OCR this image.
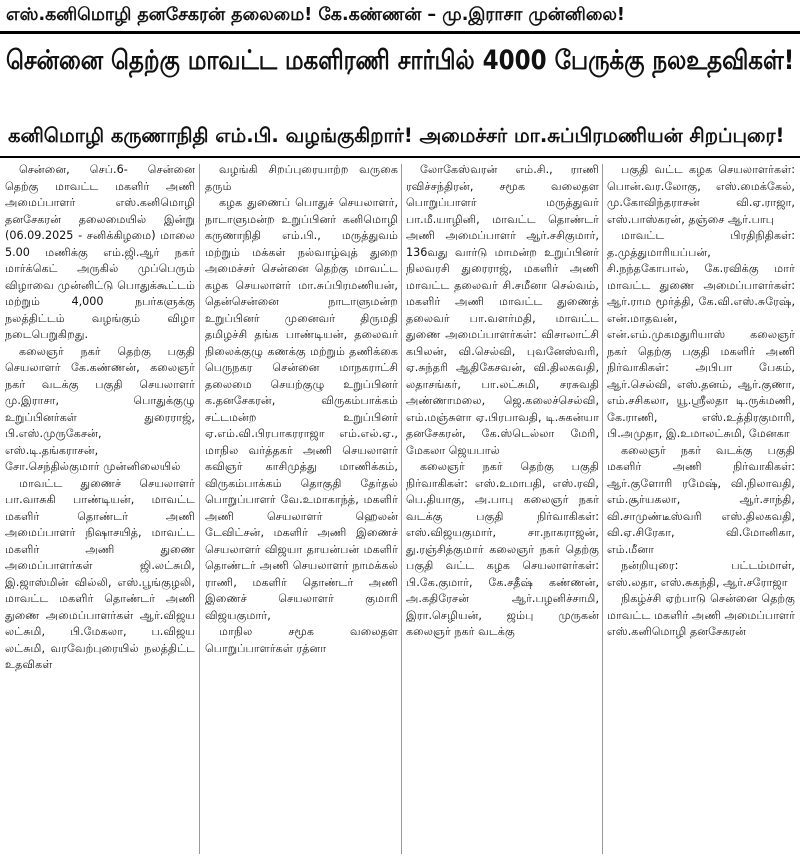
எஸ்.கனிமொழி தனசேகரன் தலைமை! கே.கண்ணன் – மு.இராசா முன்னிலை!
சென்னை தெற்கு மாவட்ட மகளிரணி சார்பில் 4000 பேருக்கு நலஉதவிகள்!
கனிமொழி கருணாநிதி எம்.பி. வழங்குகிறார்! அமைச்சர் மா.சுப்பிரமணியன் சிறப்புரை!

சென்னை, செப்.6- சென்னை தெற்கு மாவட்ட மகளிர் அணி அமைப்பாளர் எஸ்.கனிமொழி தனசேகரன் தலைமையில் இன்று (06.09.2025 - சனிக்கிழமை) மாலை 5.00 மணிக்கு எம்.ஜி.ஆர் நகர் மார்க்கெட் அருகில் முப்பெரும் விழாவை முன்னிட்டு பொதுக்கூட்டம் மற்றும் 4,000 நபர்களுக்கு நலத்திட்டம் வழங்கும் விழா நடைபெறுகிறது.

கலைஞர் நகர் தெற்கு பகுதி செயலாளர் கே.கண்ணன், கலைஞர் நகர் வடக்கு பகுதி செயலாளர் மு.இராசா, பொதுக்குழு உறுப்பினர்கள் துரைராஜ், பி.எஸ்.முருகேசன், எஸ்.டி.தங்கராசன், சோ.செந்தில்குமார் முன்னிலையில்

மாவட்ட துணைச் செயலாளர் பா.வாசுகி பாண்டியன், மாவட்ட மகளிர் தொண்டர் அணி அமைப்பாளர் நிஷாசயித், மாவட்ட மகளிர் அணி துணை அமைப்பாளர்கள் ஜி.லட்சுமி, இ.ஜாஸ்மின் வில்லி, எஸ்.பூங்குழலி, மாவட்ட மகளிர் தொண்டர் அணி துணை அமைப்பாளர்கள் ஆர்.விஜய லட்சுமி, பி.மேகலா, ப.விஜய லட்சுமி, வரவேற்புரையில் நலத்திட்ட உதவிகள்

வழங்கி சிறப்புரையாற்ற வருகை தரும்

கழக துணைப் பொதுச் செயலாளர், நாடாளுமன்ற உறுப்பினர் கனிமொழி கருணாநிதி எம்.பி., மருத்துவம் மற்றும் மக்கள் நல்வாழ்வுத் துறை அமைச்சர் சென்னை தெற்கு மாவட்ட கழக செயலாளர் மா.சுப்பிரமணியன், தென்சென்னை நாடாளுமன்ற உறுப்பினர் முனைவர் திருமதி தமிழச்சி தங்க பாண்டியன், தலைவர் நிலைக்குழு கணக்கு மற்றும் தணிக்கை பெருநகர சென்னை மாநகராட்சி தலைமை செயற்குழு உறுப்பினர் க.தனசேகரன், விருகம்பாக்கம் சட்டமன்ற உறுப்பினர் ஏ.எம்.வி.பிரபாகரராஜா எம்.எல்.ஏ., மாநில வர்த்தகர் அணி செயலாளர் கவிஞர் காசிமுத்து மாணிக்கம், விருகம்பாக்கம் தொகுதி தேர்தல் பொறுப்பாளர் வே.உமாகாந்த், மகளிர் அணி செயலாளர் ஹெலன் டேவிட்சன், மகளிர் அணி இணைச் செயலாளர் விஜயா தாயன்பன் மகளிர் தொண்டர் அணி செயலாளர் நாமக்கல் ராணி, மகளிர் தொண்டர் அணி இணைச் செயலாளர் குமாரி விஜயகுமார்,

மாநில சமூக வலைதள பொறுப்பாளர்கள் ரத்னா

லோகேஸ்வரன் எம்.சி., ராணி ரவிச்சந்திரன், சமூக வலைதள பொறுப்பாளர் மருத்துவர் பா.மீ.யாழினி, மாவட்ட தொண்டர் அணி அமைப்பாளர் ஆர்.சசிகுமார், 136வது வார்டு மாமன்ற உறுப்பினர் நிலவரசி துரைராஜ், மகளிர் அணி மாவட்ட தலைவர் சி.சமீனா செல்வம், மகளிர் அணி மாவட்ட துணைத் தலைவர் பா.வளர்மதி, மாவட்ட துணை அமைப்பாளர்கள்: விசாலாட்சி கபிலன், வி.செல்வி, புவனேஸ்வரி, ஏ.சுந்தரி ஆதிகேசவன், வி.திலகவதி, லதாசங்கர், பா.லட்சுமி, சரசுவதி அண்ணாமலை, ஜெ.கலைச்செல்வி, எம்.மஞ்சுளா ஏ.பிரபாவதி, டி.சுகன்யா தனசேகரன், கே.ஸ்டெல்லா மேரி, மேகலா ஜெயபால்

கலைஞர் நகர் தெற்கு பகுதி நிர்வாகிகள்: எஸ்.உமாபதி, எஸ்.ரவி, பெ.தியாகு, அ.பாபு கலைஞர் நகர் வடக்கு பகுதி நிர்வாகிகள்: எஸ்.விஜயகுமார், சா.நாகராஜன், து.ரஞ்சித்குமார் கலைஞர் நகர் தெற்கு பகுதி வட்ட கழக செயலாளர்கள்: பி.கே.குமார், கே.சதீஷ் கண்ணன், அ.கதிரேசன் ஆர்.பழனிச்சாமி, இரா.செழியன், ஜம்பு முருகன் கலைஞர் நகர் வடக்கு

பகுதி வட்ட கழக செயலாளர்கள்: பொன்.வர.லோகு, எஸ்.மைக்கேல், மு.கோவிந்தராசன் வி.ஏ.ராஜா, எஸ்.பாஸ்கரன், தஞ்சை ஆர்.பாபு

மாவட்ட பிரதிநிதிகள்: த.முத்துமாரியப்பன், சி.நந்தகோபால், கே.ரவிக்கு மார் மாவட்ட துணை அமைப்பாளர்கள்: ஆர்.ராம மூர்த்தி, கே.வி.எஸ்.சுரேஷ், என்.மாதவன், என்.எம்.முகமதுரியாஸ் கலைஞர் நகர் தெற்கு பகுதி மகளிர் அணி நிர்வாகிகள்: அபிபா பேகம், ஆர்.செல்வி, எஸ்.தனம், ஆர்.குணா, எம்.சசிகலா, யூ.ஸ்ரீலதா டி.ருக்மணி, கே.ராணி, எஸ்.உத்திரகுமாரி, பி.அமுதா, இ.உமாலட்சுமி, மேனகா

கலைஞர் நகர் வடக்கு பகுதி மகளிர் அணி நிர்வாகிகள்: ஆர்.குளோரி ரமேஷ், வி.நிலாவதி, எம்.சூர்யகலா, ஆர்.சாந்தி, வி.சாமுண்டீஸ்வரி எஸ்.திலகவதி, வி.ஏ.சிரேகா, வி.மோனிகா, எம்.மீனா

நன்றியுரை: பட்டம்மாள், எஸ்.லதா, எஸ்.சுகந்தி, ஆர்.சரோஜா

நிகழ்ச்சி ஏற்பாடு சென்னை தெற்கு மாவட்ட மகளிர் அணி அமைப்பாளர் எஸ்.கனிமொழி தனசேகரன்
